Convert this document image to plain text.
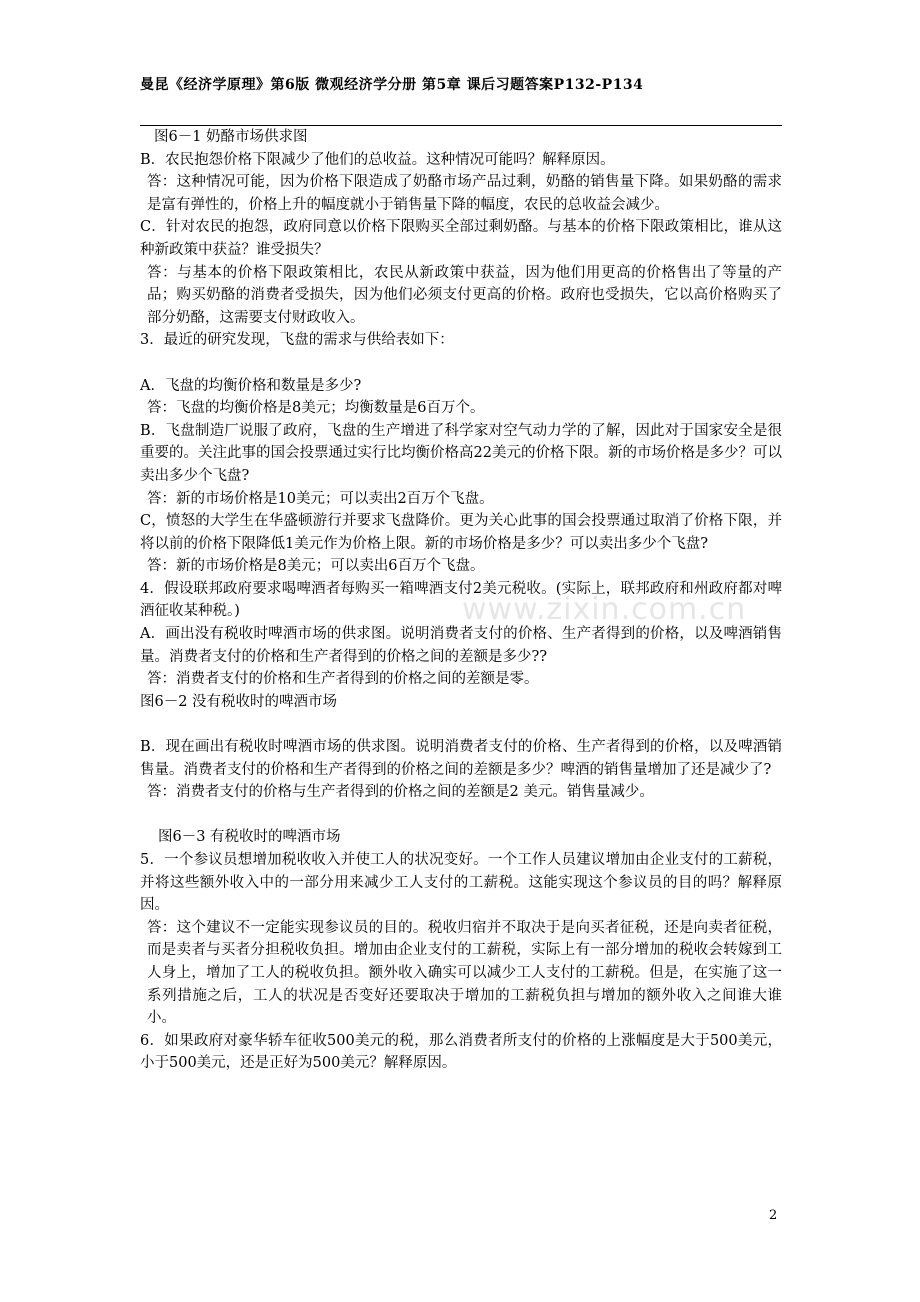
曼昆《经济学原理》第6版 微观经济学分册 第5章 课后习题答案P132-P134

图6－1 奶酪市场供求图

B．农民抱怨价格下限减少了他们的总收益。这种情况可能吗？解释原因。

答：这种情况可能，因为价格下限造成了奶酪市场产品过剩，奶酪的销售量下降。如果奶酪的需求是富有弹性的，价格上升的幅度就小于销售量下降的幅度，农民的总收益会减少。

C．针对农民的抱怨，政府同意以价格下限购买全部过剩奶酪。与基本的价格下限政策相比，谁从这种新政策中获益？谁受损失？

答：与基本的价格下限政策相比，农民从新政策中获益，因为他们用更高的价格售出了等量的产品；购买奶酪的消费者受损失，因为他们必须支付更高的价格。政府也受损失，它以高价格购买了部分奶酪，这需要支付财政收入。

3．最近的研究发现，飞盘的需求与供给表如下：

A．飞盘的均衡价格和数量是多少?

答：飞盘的均衡价格是8美元；均衡数量是6百万个。

B．飞盘制造厂说服了政府，飞盘的生产增进了科学家对空气动力学的了解，因此对于国家安全是很重要的。关注此事的国会投票通过实行比均衡价格高22美元的价格下限。新的市场价格是多少？可以卖出多少个飞盘?

答：新的市场价格是10美元；可以卖出2百万个飞盘。

C，愤怒的大学生在华盛顿游行并要求飞盘降价。更为关心此事的国会投票通过取消了价格下限，并将以前的价格下限降低1美元作为价格上限。新的市场价格是多少？可以卖出多少个飞盘?

答：新的市场价格是8美元；可以卖出6百万个飞盘。

4．假设联邦政府要求喝啤酒者每购买一箱啤酒支付2美元税收。(实际上，联邦政府和州政府都对啤酒征收某种税。)

A．画出没有税收时啤酒市场的供求图。说明消费者支付的价格、生产者得到的价格，以及啤酒销售量。消费者支付的价格和生产者得到的价格之间的差额是多少??

答：消费者支付的价格和生产者得到的价格之间的差额是零。

图6－2 没有税收时的啤酒市场

B．现在画出有税收时啤酒市场的供求图。说明消费者支付的价格、生产者得到的价格，以及啤酒销售量。消费者支付的价格和生产者得到的价格之间的差额是多少？啤酒的销售量增加了还是减少了?

答：消费者支付的价格与生产者得到的价格之间的差额是2 美元。销售量减少。

图6－3 有税收时的啤酒市场

5．一个参议员想增加税收收入并使工人的状况变好。一个工作人员建议增加由企业支付的工薪税，并将这些额外收入中的一部分用来减少工人支付的工薪税。这能实现这个参议员的目的吗？解释原因。

答：这个建议不一定能实现参议员的目的。税收归宿并不取决于是向买者征税，还是向卖者征税，而是卖者与买者分担税收负担。增加由企业支付的工薪税，实际上有一部分增加的税收会转嫁到工人身上，增加了工人的税收负担。额外收入确实可以减少工人支付的工薪税。但是，在实施了这一系列措施之后，工人的状况是否变好还要取决于增加的工薪税负担与增加的额外收入之间谁大谁小。

6．如果政府对豪华轿车征收500美元的税，那么消费者所支付的价格的上涨幅度是大于500美元，小于500美元，还是正好为500美元？解释原因。

www.zixin.com.cn
2
